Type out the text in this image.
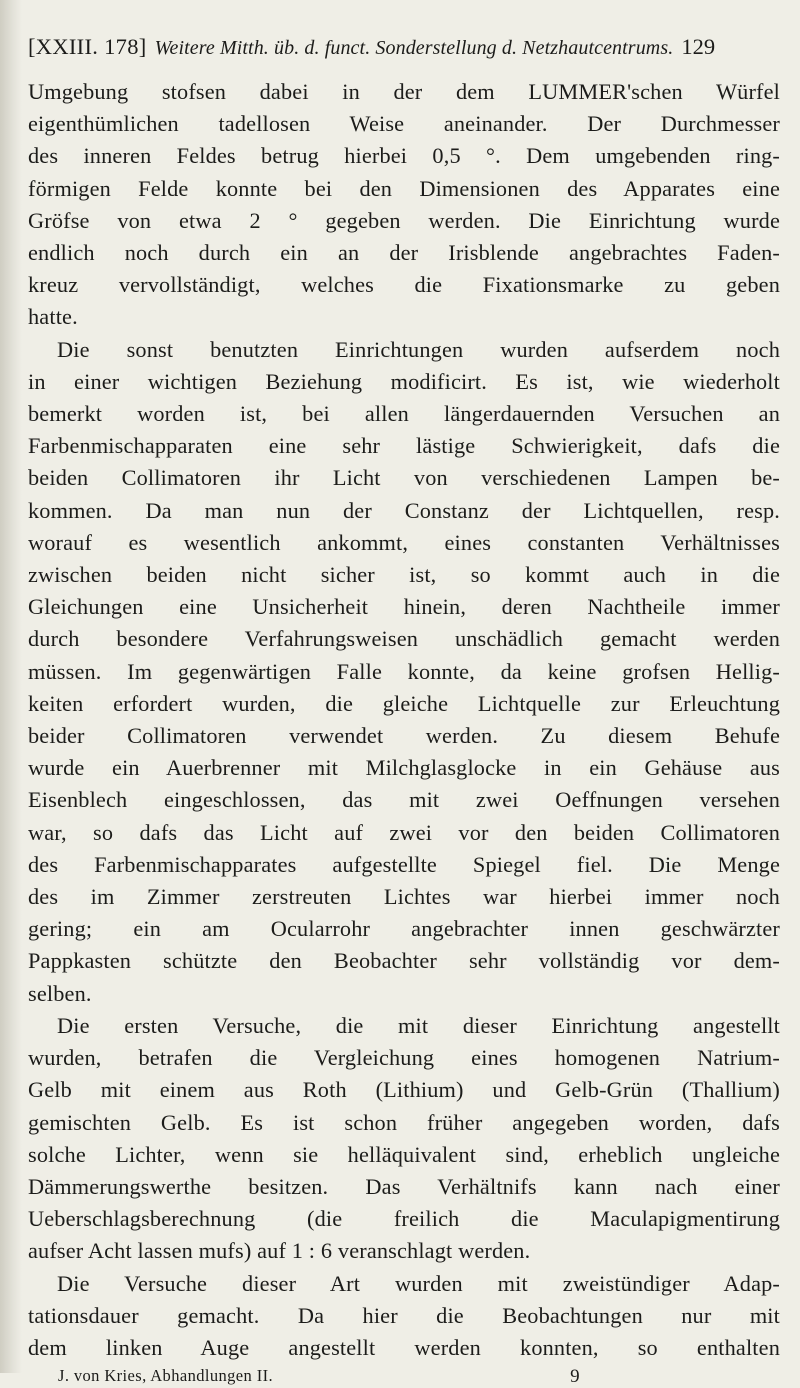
[XXIII. 178] Weitere Mitth. üb. d. funct. Sonderstellung d. Netzhautcentrums. 129
Umgebung stofsen dabei in der dem LUMMER'schen Würfel
eigenthümlichen tadellosen Weise aneinander. Der Durchmesser
des inneren Feldes betrug hierbei 0,5 °. Dem umgebenden ring-
förmigen Felde konnte bei den Dimensionen des Apparates eine
Gröfse von etwa 2 ° gegeben werden. Die Einrichtung wurde
endlich noch durch ein an der Irisblende angebrachtes Faden-
kreuz vervollständigt, welches die Fixationsmarke zu geben
hatte.
Die sonst benutzten Einrichtungen wurden aufserdem noch
in einer wichtigen Beziehung modificirt. Es ist, wie wiederholt
bemerkt worden ist, bei allen längerdauernden Versuchen an
Farbenmischapparaten eine sehr lästige Schwierigkeit, dafs die
beiden Collimatoren ihr Licht von verschiedenen Lampen be-
kommen. Da man nun der Constanz der Lichtquellen, resp.
worauf es wesentlich ankommt, eines constanten Verhältnisses
zwischen beiden nicht sicher ist, so kommt auch in die
Gleichungen eine Unsicherheit hinein, deren Nachtheile immer
durch besondere Verfahrungsweisen unschädlich gemacht werden
müssen. Im gegenwärtigen Falle konnte, da keine grofsen Hellig-
keiten erfordert wurden, die gleiche Lichtquelle zur Erleuchtung
beider Collimatoren verwendet werden. Zu diesem Behufe
wurde ein Auerbrenner mit Milchglasglocke in ein Gehäuse aus
Eisenblech eingeschlossen, das mit zwei Oeffnungen versehen
war, so dafs das Licht auf zwei vor den beiden Collimatoren
des Farbenmischapparates aufgestellte Spiegel fiel. Die Menge
des im Zimmer zerstreuten Lichtes war hierbei immer noch
gering; ein am Ocularrohr angebrachter innen geschwärzter
Pappkasten schützte den Beobachter sehr vollständig vor dem-
selben.
Die ersten Versuche, die mit dieser Einrichtung angestellt
wurden, betrafen die Vergleichung eines homogenen Natrium-
Gelb mit einem aus Roth (Lithium) und Gelb-Grün (Thallium)
gemischten Gelb. Es ist schon früher angegeben worden, dafs
solche Lichter, wenn sie helläquivalent sind, erheblich ungleiche
Dämmerungswerthe besitzen. Das Verhältnifs kann nach einer
Ueberschlagsberechnung (die freilich die Maculapigmentirung
aufser Acht lassen mufs) auf 1 : 6 veranschlagt werden.
Die Versuche dieser Art wurden mit zweistündiger Adap-
tationsdauer gemacht. Da hier die Beobachtungen nur mit
dem linken Auge angestellt werden konnten, so enthalten
J. von Kries, Abhandlungen II.	9
